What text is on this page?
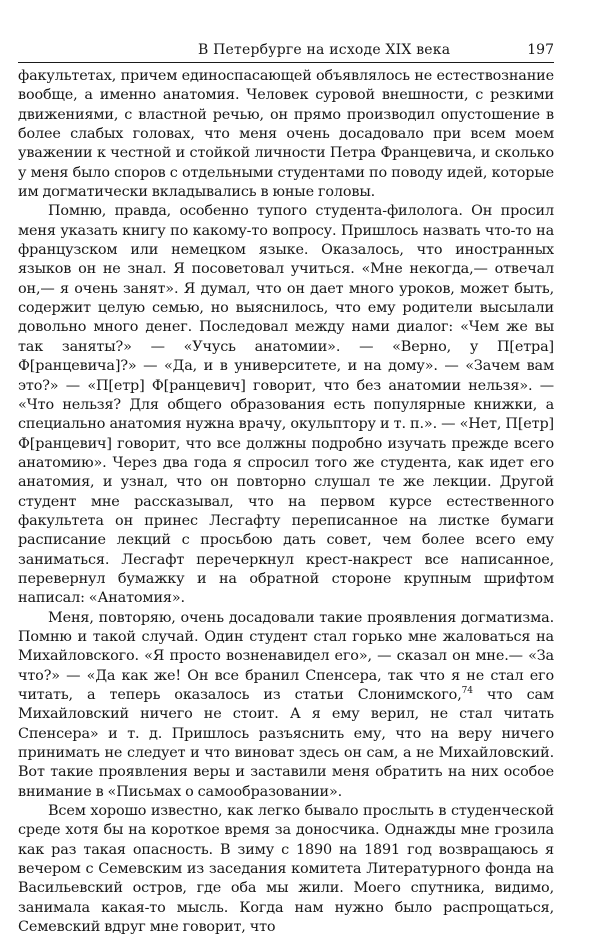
В Петербурге на исходе XIX века	197

факультетах, причем единоспасающей объявлялось не естествознание вообще, а именно анатомия. Человек суровой внешности, с резкими движениями, с властной речью, он прямо производил опустошение в более слабых головах, что меня очень досадовало при всем моем уважении к честной и стойкой личности Петра Францевича, и сколько у меня было споров с отдельными студентами по поводу идей, которые им догматически вкладывались в юные головы.

Помню, правда, особенно тупого студента-филолога. Он просил меня указать книгу по какому-то вопросу. Пришлось назвать что-то на французском или немецком языке. Оказалось, что иностранных языков он не знал. Я посоветовал учиться. «Мне некогда,— отвечал он,— я очень занят». Я думал, что он дает много уроков, может быть, содержит целую семью, но выяснилось, что ему родители высылали довольно много денег. Последовал между нами диалог: «Чем же вы так заняты?» — «Учусь анатомии». — «Верно, у П[етра] Ф[ранцевича]?» — «Да, и в университете, и на дому». — «Зачем вам это?» — «П[етр] Ф[ранцевич] говорит, что без анатомии нельзя». — «Что нельзя? Для общего образования есть популярные книжки, а специально анатомия нужна врачу, окульптору и т. п.». — «Нет, П[етр] Ф[ранцевич] говорит, что все должны подробно изучать прежде всего анатомию». Через два года я спросил того же студента, как идет его анатомия, и узнал, что он повторно слушал те же лекции. Другой студент мне рассказывал, что на первом курсе естественного факультета он принес Лесгафту переписанное на листке бумаги расписание лекций с просьбою дать совет, чем более всего ему заниматься. Лесгафт перечеркнул крест-накрест все написанное, перевернул бумажку и на обратной стороне крупным шрифтом написал: «Анатомия».

Меня, повторяю, очень досадовали такие проявления догматизма. Помню и такой случай. Один студент стал горько мне жаловаться на Михайловского. «Я просто возненавидел его», — сказал он мне.— «За что?» — «Да как же! Он все бранил Спенсера, так что я не стал его читать, а теперь оказалось из статьи Слонимского,$^{74}$ что сам Михайловский ничего не стоит. А я ему верил, не стал читать Спенсера» и т. д. Пришлось разъяснить ему, что на веру ничего принимать не следует и что виноват здесь он сам, а не Михайловский. Вот такие проявления веры и заставили меня обратить на них особое внимание в «Письмах о самообразовании».

Всем хорошо известно, как легко бывало прослыть в студенческой среде хотя бы на короткое время за доносчика. Однажды мне грозила как раз такая опасность. В зиму с 1890 на 1891 год возвращаюсь я вечером с Семевским из заседания комитета Литературного фонда на Васильевский остров, где оба мы жили. Моего спутника, видимо, занимала какая-то мысль. Когда нам нужно было распрощаться, Семевский вдруг мне говорит, что
